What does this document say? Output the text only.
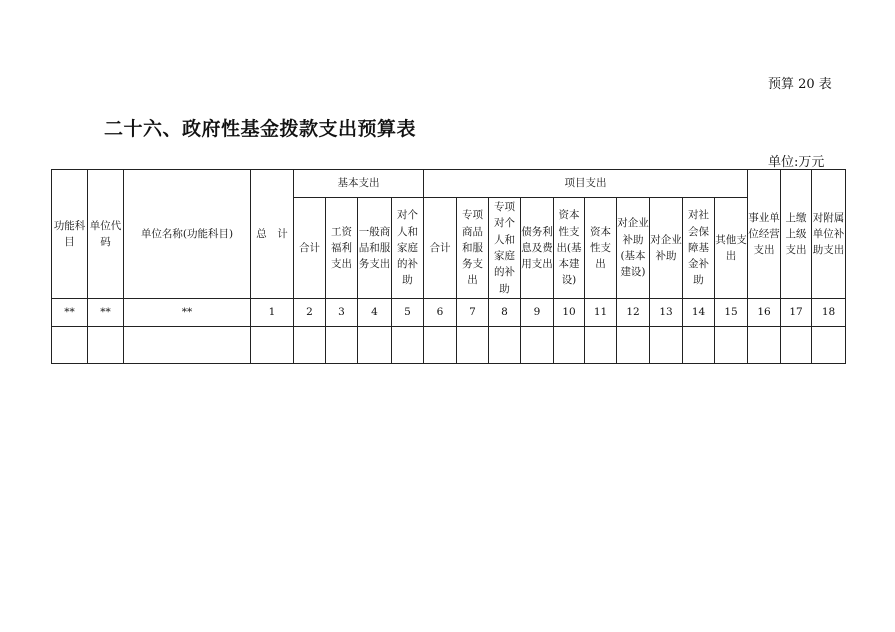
预算 20 表
二十六、政府性基金拨款支出预算表
单位:万元
功能科目	单位代码	单位名称(功能科目)	总　计	基本支出				项目支出										事业单位经营支出	上缴上级支出	对附属单位补助支出
				合计	工资福利支出	一般商品和服务支出	对个人和家庭的补助	合计	专项商品和服务支出	专项对个人和家庭的补助	债务利息及费用支出	资本性支出(基本建设)	资本性支出	对企业补助(基本建设)	对企业补助	对社会保障基金补助	其他支出			
**	**	**	1	2	3	4	5	6	7	8	9	10	11	12	13	14	15	16	17	18
